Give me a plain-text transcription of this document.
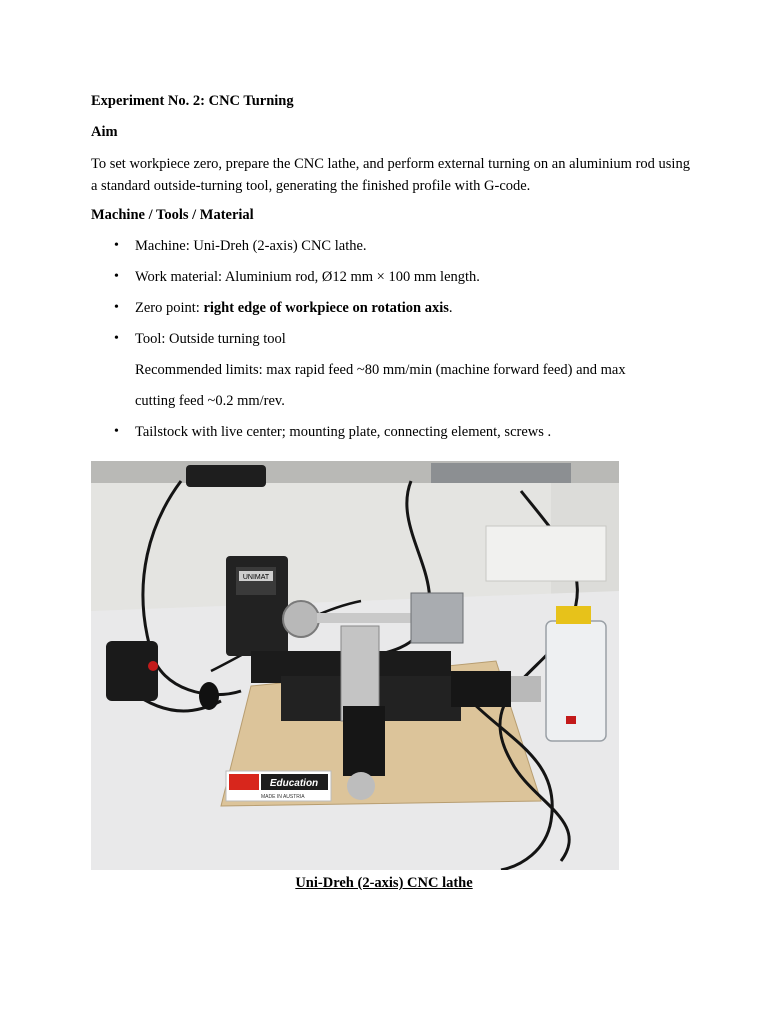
Experiment No. 2: CNC Turning

Aim

To set workpiece zero, prepare the CNC lathe, and perform external turning on an aluminium rod using a standard outside-turning tool, generating the finished profile with G-code.

Machine / Tools / Material

• Machine: Uni-Dreh (2-axis) CNC lathe.
• Work material: Aluminium rod, Ø12 mm × 100 mm length.
• Zero point: right edge of workpiece on rotation axis.
• Tool: Outside turning tool
Recommended limits: max rapid feed ~80 mm/min (machine forward feed) and max
cutting feed ~0.2 mm/rev.
• Tailstock with live center; mounting plate, connecting element, screws .
UNIMAT
Education
MADE IN AUSTRIA
Uni-Dreh (2-axis) CNC lathe
